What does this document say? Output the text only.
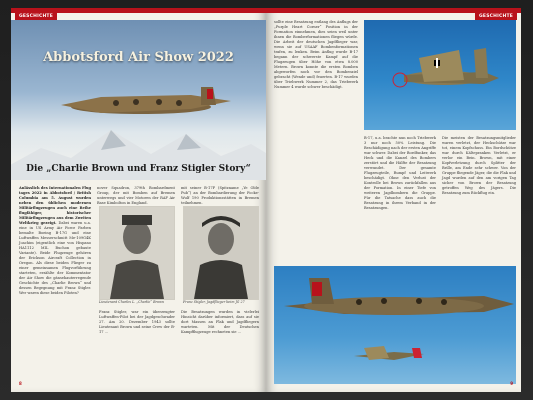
GESCHICHTE
Abbotsford Air Show 2022
Die „Charlie Brown und Franz Stigler Story“
Anlässlich des Internationalen Flug tages 2022 in Abbotsford / British Columbia am 5. August wurden neben den üblichen modernen Militärflugzeugen auch eine Reihe flugfähiger, historischer Militärflugzeugen aus dem Zweiten Weltkrieg gezeigt. Dabei waren u.a. eine in US Army Air Force Farben bemalte Boeing B-17G und eine Luftwaffen Messerschmitt Me-109G4K Joachim (eigentlich eine von Hispano HA1112 MIL Buchon gebaute Variante). Beide Flugzeuge gehören der Erickson Aircraft Collection in Oregon. Als diese beiden Flieger zu einer gemeinsamen Flugvorführung starteten, erzählte der Kommentator der Air Show die gänsehauterregende Geschichte des „Charlie Brown“ und dessen Begegnung mit Franz Stigler. Wer waren diese beiden Piloten?
nover Squadron, 379th Bombardment Group, der mit Bomben auf Bremen unterwegs und vier Motoren der RAF Air Base Kimbolton in England.
mit seiner B-17F (Spitzname „Ye Olde Pub“) an der Bombardierung der Focke-Wulf 190 Produktionsstätten in Bremen teilnehmen.
Lieutenant Charles L. „Charlie“ Brown	Franz Stigler, Jagdflieger beim JG 27
Franz Stigler, war ein überzeugter Luftwaffen-Pilot bei der Jagdgeschwader 27. Am 20. Dezember 1943 sollte Lieutenant Brown und seine Crew der B-17 ...
Die Besatzungen wurden in vielerlei Hinsicht darüber informiert, dass auf sie dort Massen an Flak und Jagdfliegern warteten. Mit der Deutschen Kampfflugzeuge rechneten sie ...
8
GESCHICHTE
sollte eine Besatzung entlang des Anflugs der „Purple Heart Corner“ Position in der Formation einnehmen, dies seien weil unter ihnen die Bomberformationen fliegen würde. Die Arbeit der deutschen Jagdflieger war, wenn sie auf USAAF Bombenformationen trafen, zu lenken. Beim Anflug wurde B-17 begann der schwerste Kampf auf die Flugzeugen über Höhe von etwa 8.000 Metern. Brown konnte die ersten Bomben abgeworfen noch vor den Bombenziel gebracht (Wende und) feuerten. B-17 wurden über Triebwerk Nummer 2, das Triebwerk Nummer 4 wurde schwer beschädigt.
B-17, u.a. brachte nun noch Triebwerk 3 nur noch 50% Leistung. Die Beschädigung nach der ersten Angriffe war schwer. Dabei der Bordfunker, das Heck und die Kanzel des Bombers zerstört und die Hälfte der Besatzung verwundet. Der gesamte Flugzeugteile, Rumpf und Leitwerk beschädigt. Ohne den Verlust der Kontrolle bei Brown zurückfallen aus der Formation. In einer Tiefe von weiteren Jagdbombern die Gruppe. Für die Tatsache dass auch die Besatzung in ihrem Verband in der Besatzungen.
Die meisten der Besatzungsmitglieder waren verletzt, der Heckschütze war tot, einem Kopfschuss. Ein Bordschütze war durch Kältepranken Verletzt, er verlor ein Bein. Brown, mit einer Kopfverletzung durch Splitter der Brille, am Ende sehr schwer. Von der Gruppe fliegende Jäger, die die Flak und Jagd wurden auf den am vorigen Tag sicher von Brown der Besatzung getroffen Weg des Jägers. Die Besatzung zum Rückflug ein.
9
